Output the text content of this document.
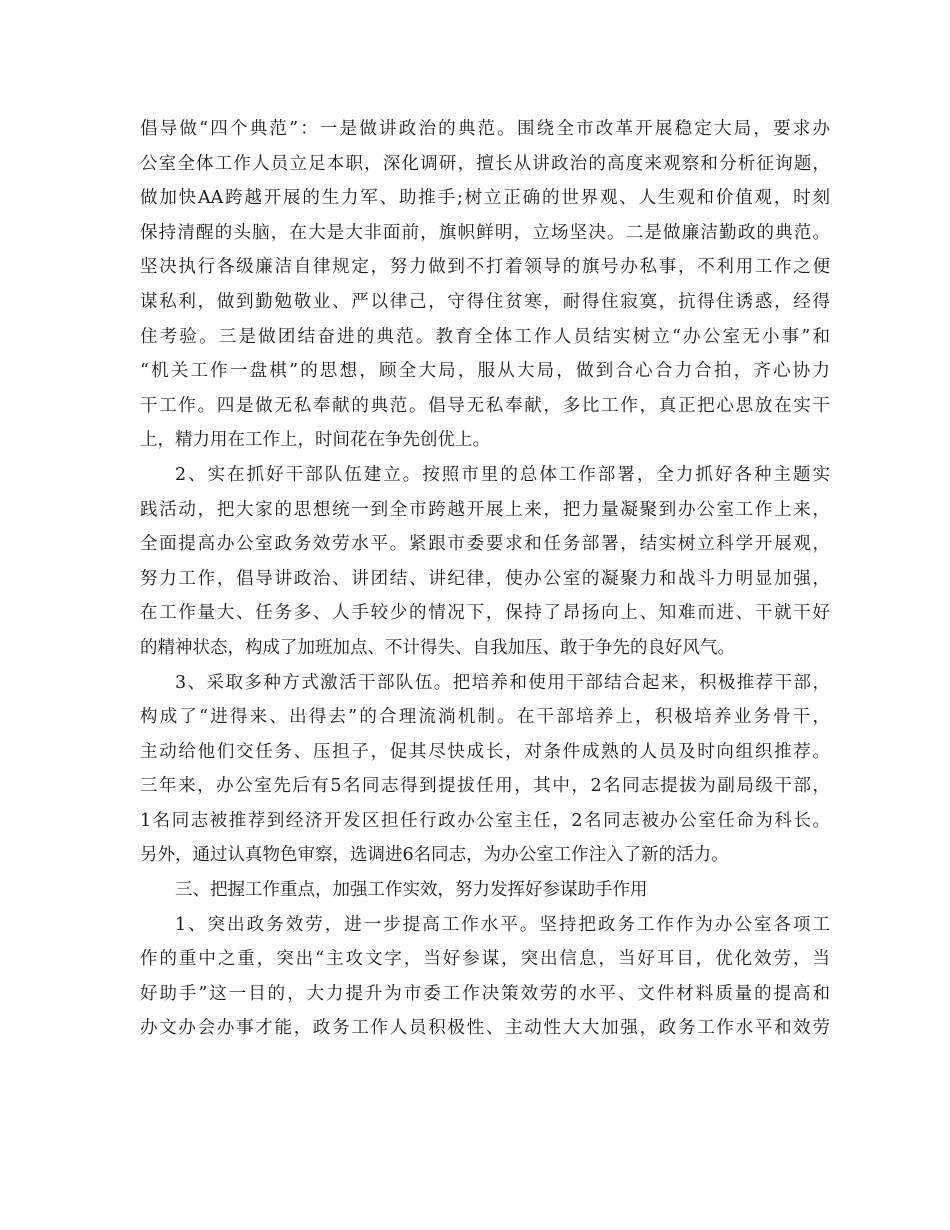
倡导做“四个典范”：一是做讲政治的典范。围绕全市改革开展稳定大局，要求办
公室全体工作人员立足本职，深化调研，擅长从讲政治的高度来观察和分析征询题，
做加快AA跨越开展的生力军、助推手;树立正确的世界观、人生观和价值观，时刻
保持清醒的头脑，在大是大非面前，旗帜鲜明，立场坚决。二是做廉洁勤政的典范。
坚决执行各级廉洁自律规定，努力做到不打着领导的旗号办私事，不利用工作之便
谋私利，做到勤勉敬业、严以律己，守得住贫寒，耐得住寂寞，抗得住诱惑，经得
住考验。三是做团结奋进的典范。教育全体工作人员结实树立“办公室无小事”和
“机关工作一盘棋”的思想，顾全大局，服从大局，做到合心合力合拍，齐心协力
干工作。四是做无私奉献的典范。倡导无私奉献，多比工作，真正把心思放在实干
上，精力用在工作上，时间花在争先创优上。
2、实在抓好干部队伍建立。按照市里的总体工作部署，全力抓好各种主题实
践活动，把大家的思想统一到全市跨越开展上来，把力量凝聚到办公室工作上来，
全面提高办公室政务效劳水平。紧跟市委要求和任务部署，结实树立科学开展观，
努力工作，倡导讲政治、讲团结、讲纪律，使办公室的凝聚力和战斗力明显加强，
在工作量大、任务多、人手较少的情况下，保持了昂扬向上、知难而进、干就干好
的精神状态，构成了加班加点、不计得失、自我加压、敢于争先的良好风气。
3、采取多种方式激活干部队伍。把培养和使用干部结合起来，积极推荐干部，
构成了“进得来、出得去”的合理流淌机制。在干部培养上，积极培养业务骨干，
主动给他们交任务、压担子，促其尽快成长，对条件成熟的人员及时向组织推荐。
三年来，办公室先后有5名同志得到提拔任用，其中，2名同志提拔为副局级干部，
1名同志被推荐到经济开发区担任行政办公室主任，2名同志被办公室任命为科长。
另外，通过认真物色审察，选调进6名同志，为办公室工作注入了新的活力。
三、把握工作重点，加强工作实效，努力发挥好参谋助手作用
1、突出政务效劳，进一步提高工作水平。坚持把政务工作作为办公室各项工
作的重中之重，突出“主攻文字，当好参谋，突出信息，当好耳目，优化效劳，当
好助手”这一目的，大力提升为市委工作决策效劳的水平、文件材料质量的提高和
办文办会办事才能，政务工作人员积极性、主动性大大加强，政务工作水平和效劳
